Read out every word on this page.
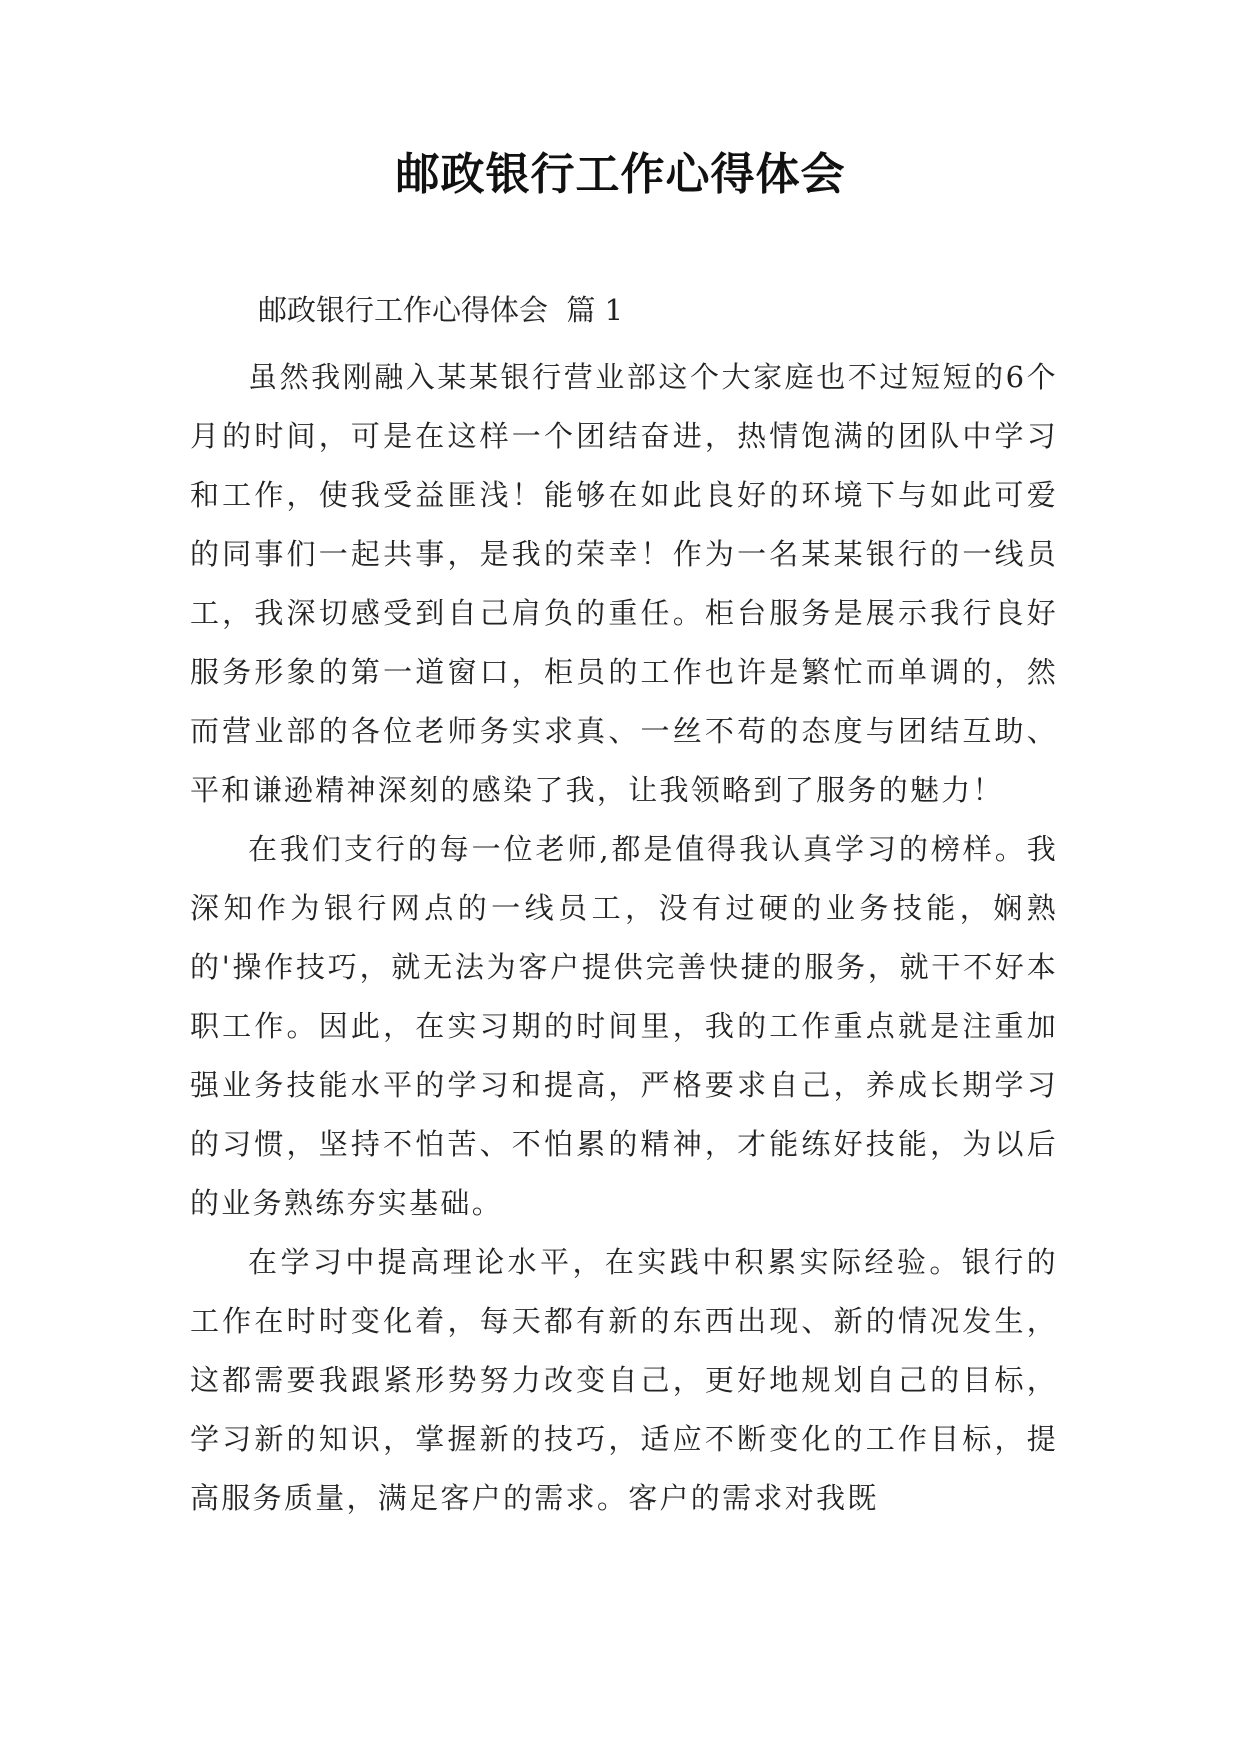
邮政银行工作心得体会
邮政银行工作心得体会  篇 1

虽然我刚融入某某银行营业部这个大家庭也不过短短的6个月的时间，可是在这样一个团结奋进，热情饱满的团队中学习和工作，使我受益匪浅！能够在如此良好的环境下与如此可爱的同事们一起共事，是我的荣幸！作为一名某某银行的一线员工，我深切感受到自己肩负的重任。柜台服务是展示我行良好服务形象的第一道窗口，柜员的工作也许是繁忙而单调的，然而营业部的各位老师务实求真、一丝不苟的态度与团结互助、平和谦逊精神深刻的感染了我，让我领略到了服务的魅力！

在我们支行的每一位老师,都是值得我认真学习的榜样。我深知作为银行网点的一线员工，没有过硬的业务技能，娴熟的'操作技巧，就无法为客户提供完善快捷的服务，就干不好本职工作。因此，在实习期的时间里，我的工作重点就是注重加强业务技能水平的学习和提高，严格要求自己，养成长期学习的习惯，坚持不怕苦、不怕累的精神，才能练好技能，为以后的业务熟练夯实基础。

在学习中提高理论水平，在实践中积累实际经验。银行的工作在时时变化着，每天都有新的东西出现、新的情况发生，这都需要我跟紧形势努力改变自己，更好地规划自己的目标，学习新的知识，掌握新的技巧，适应不断变化的工作目标，提高服务质量，满足客户的需求。客户的需求对我既
